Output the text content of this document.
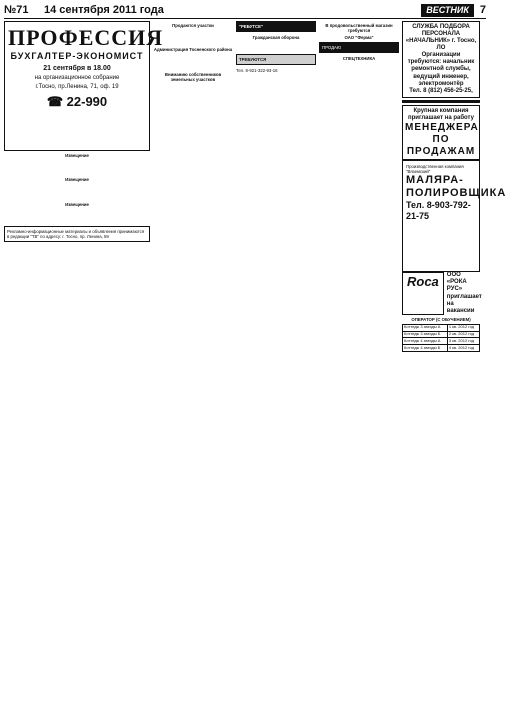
№71	14 сентября 2011 года	ВЕСТНИК	7
ПРОФЕССИЯ
БУХГАЛТЕР-ЭКОНОМИСТ
21 сентября в 18.00
на организационное собрание
г.Тосно, пр.Ленина, 71, оф. 19
☎ 22-990

Извещение

Извещение

Извещение

Рекламно-информационные материалы и объявления принимаются в редакции "ТВ" по адресу: г. Тосно, пр. Ленина, 59

Продаются участки

Администрация Тосненского района

Вниманию собственников земельных участков

"РЕБУТСЕ"

Гражданская оборона

ТРЕБУЮТСЯ

Тел. 8-921-322-93-16

В продовольственный магазин требуются

ОАО "Ферма"

ПРОДАЮ

СПЕЦТЕХНИКА

СЛУЖБА ПОДБОРА ПЕРСОНАЛА «НАЧАЛЬНИК» г. Тосно, ЛО
Организации требуются: начальник ремонтной службы, ведущий инженер, электромонтёр
Тел. 8 (812) 456-25-25,
Крупная компания приглашает на работу
МЕНЕДЖЕРА ПО ПРОДАЖАМ
Производственная компания "Вяземский"
МАЛЯРА-ПОЛИРОВЩИКА
Тел. 8-903-792-21-75
Roca	ООО «РОКА РУС» приглашает на вакансии

ОПЕРАТОР (С ОБУЧЕНИЕМ)

Коттедж 3 звезды А	1 кв. 2012 год
Коттедж 3 звезды Б	2 кв. 2012 год
Коттедж 4 звезды А	3 кв. 2012 год
Коттедж 4 звезды Б	4 кв. 2012 год
